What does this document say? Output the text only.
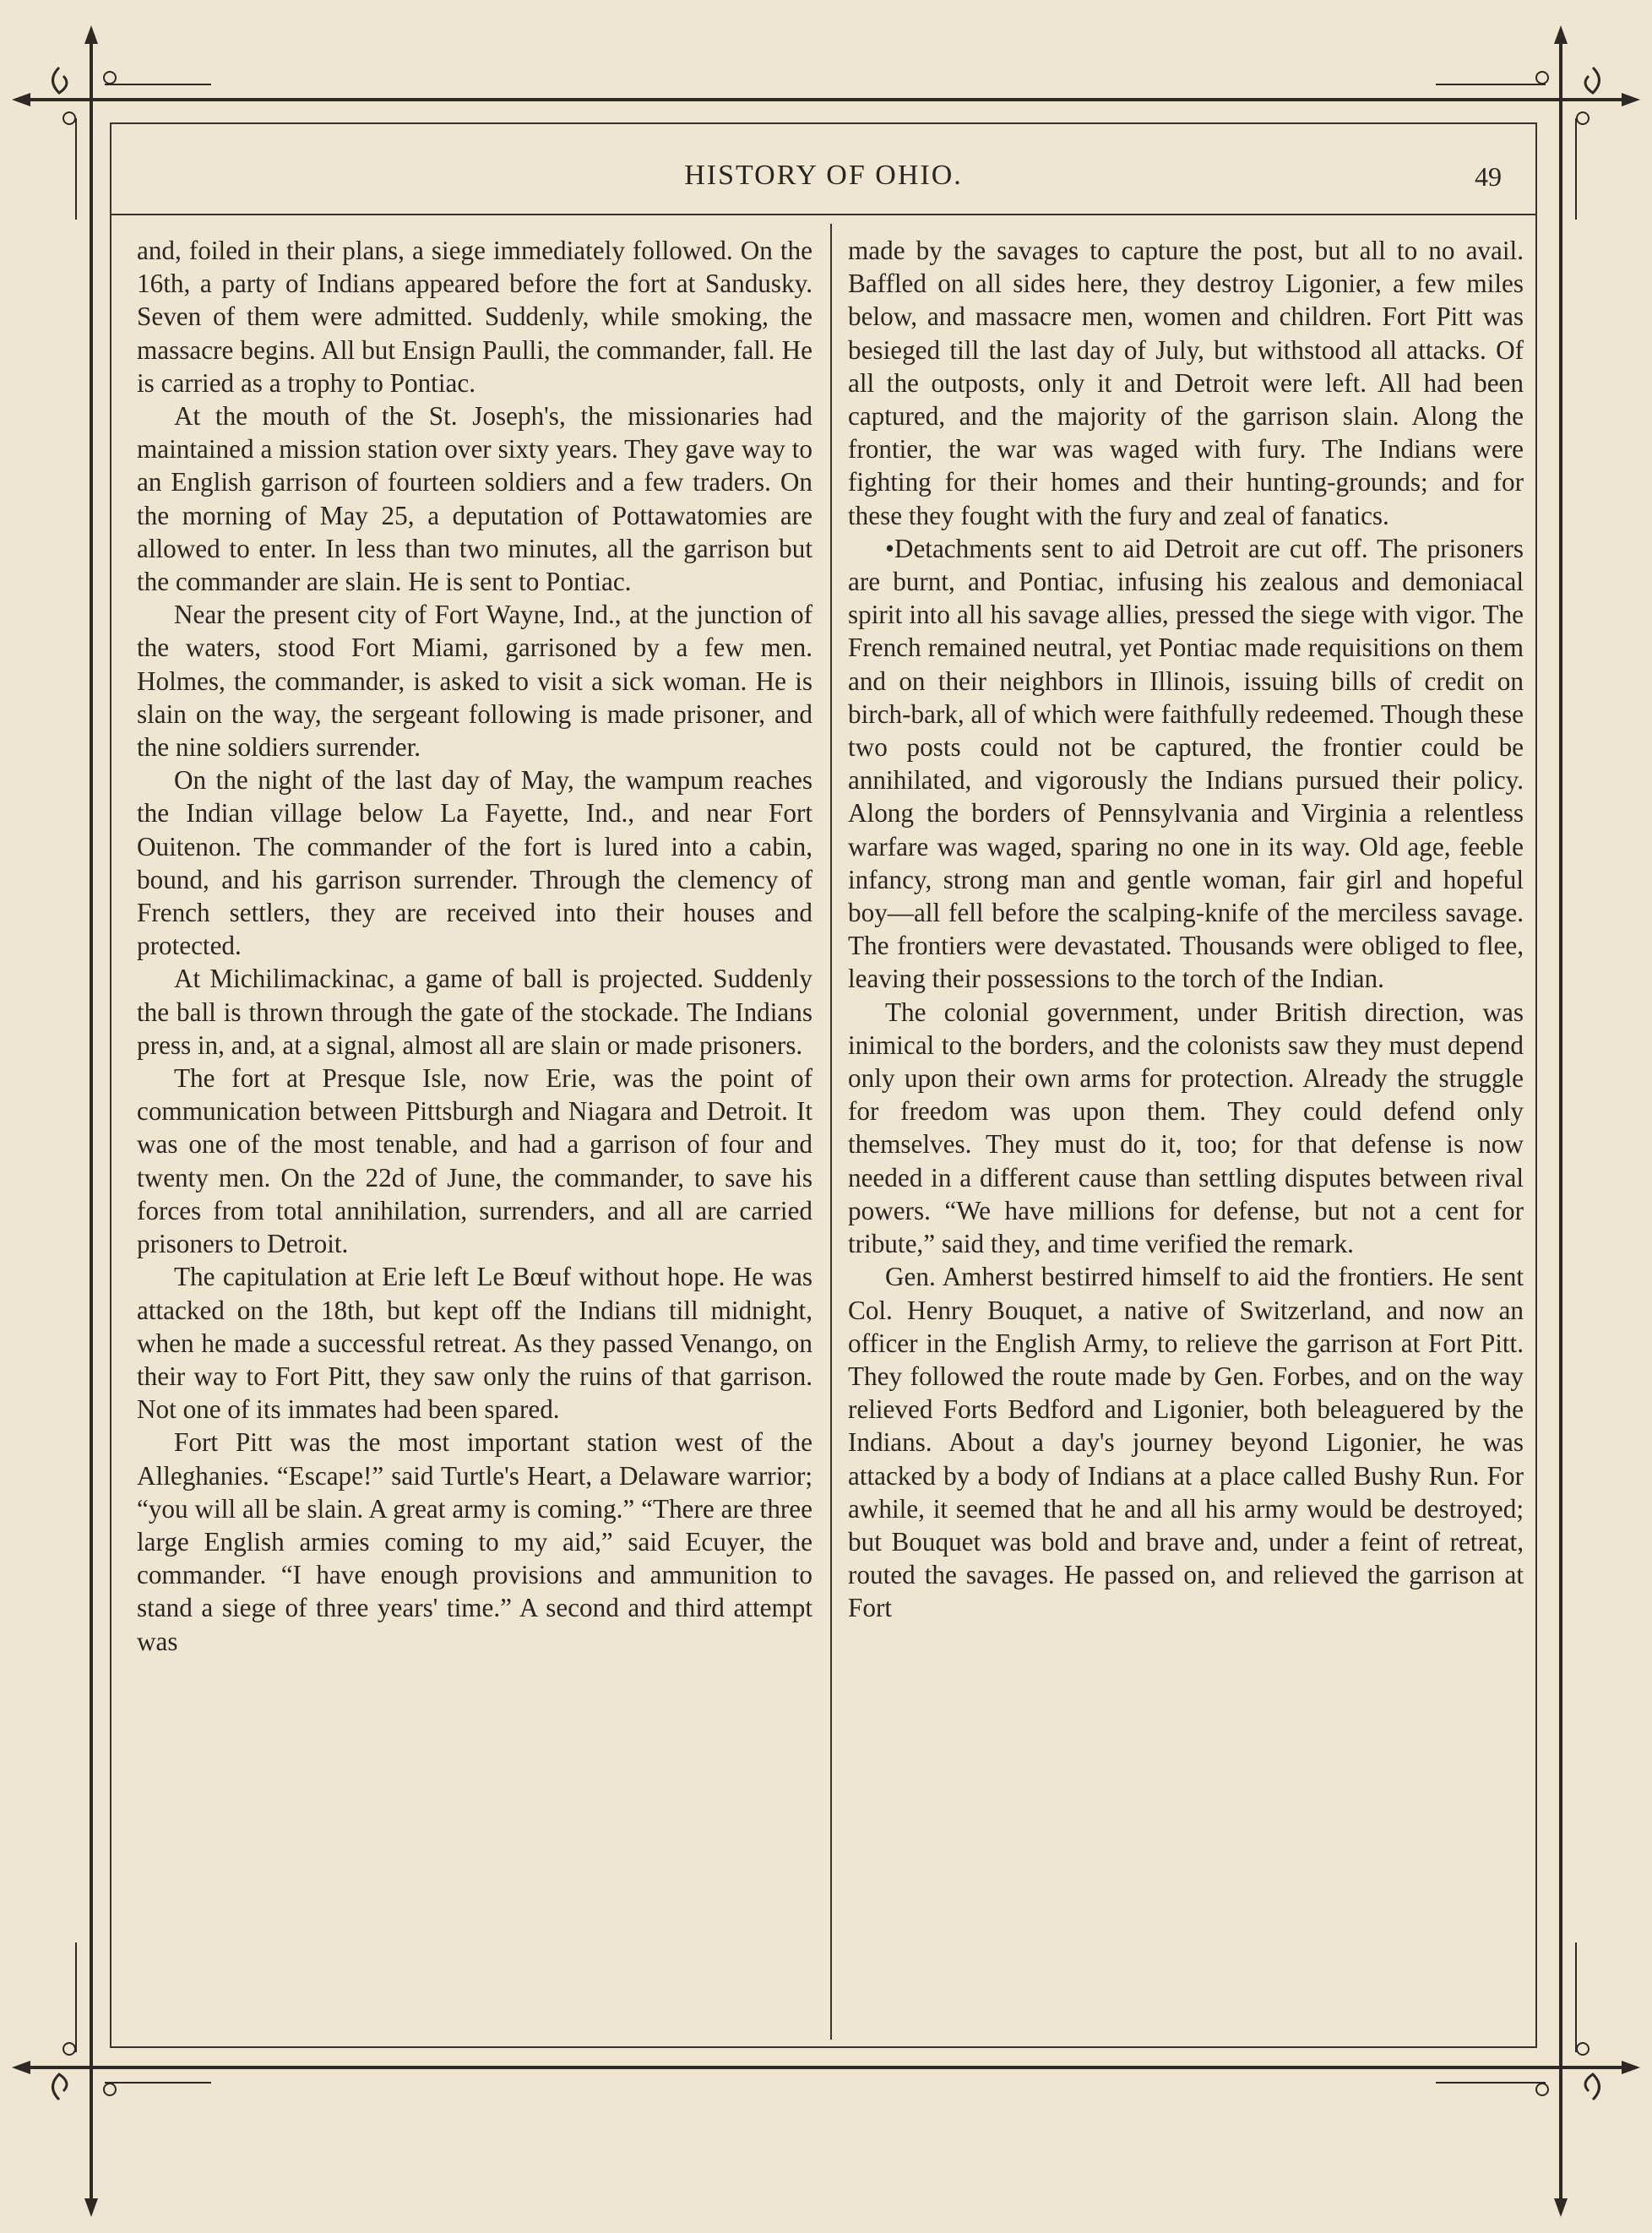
HISTORY OF OHIO.	49

and, foiled in their plans, a siege immediately followed. On the 16th, a party of Indians appeared before the fort at Sandusky. Seven of them were admitted. Suddenly, while smoking, the massacre begins. All but Ensign Paulli, the commander, fall. He is carried as a trophy to Pontiac.

At the mouth of the St. Joseph's, the missionaries had maintained a mission station over sixty years. They gave way to an English garrison of fourteen soldiers and a few traders. On the morning of May 25, a deputation of Pottawatomies are allowed to enter. In less than two minutes, all the garrison but the commander are slain. He is sent to Pontiac.

Near the present city of Fort Wayne, Ind., at the junction of the waters, stood Fort Miami, garrisoned by a few men. Holmes, the commander, is asked to visit a sick woman. He is slain on the way, the sergeant following is made prisoner, and the nine soldiers surrender.

On the night of the last day of May, the wampum reaches the Indian village below La Fayette, Ind., and near Fort Ouitenon. The commander of the fort is lured into a cabin, bound, and his garrison surrender. Through the clemency of French settlers, they are received into their houses and protected.

At Michilimackinac, a game of ball is projected. Suddenly the ball is thrown through the gate of the stockade. The Indians press in, and, at a signal, almost all are slain or made prisoners.

The fort at Presque Isle, now Erie, was the point of communication between Pittsburgh and Niagara and Detroit. It was one of the most tenable, and had a garrison of four and twenty men. On the 22d of June, the commander, to save his forces from total annihilation, surrenders, and all are carried prisoners to Detroit.

The capitulation at Erie left Le Bœuf without hope. He was attacked on the 18th, but kept off the Indians till midnight, when he made a successful retreat. As they passed Venango, on their way to Fort Pitt, they saw only the ruins of that garrison. Not one of its immates had been spared.

Fort Pitt was the most important station west of the Alleghanies. “Escape!” said Turtle's Heart, a Delaware warrior; “you will all be slain. A great army is coming.” “There are three large English armies coming to my aid,” said Ecuyer, the commander. “I have enough provisions and ammunition to stand a siege of three years' time.” A second and third attempt was

made by the savages to capture the post, but all to no avail. Baffled on all sides here, they destroy Ligonier, a few miles below, and massacre men, women and children. Fort Pitt was besieged till the last day of July, but withstood all attacks. Of all the outposts, only it and Detroit were left. All had been captured, and the majority of the garrison slain. Along the frontier, the war was waged with fury. The Indians were fighting for their homes and their hunting-grounds; and for these they fought with the fury and zeal of fanatics.

•Detachments sent to aid Detroit are cut off. The prisoners are burnt, and Pontiac, infusing his zealous and demoniacal spirit into all his savage allies, pressed the siege with vigor. The French remained neutral, yet Pontiac made requisitions on them and on their neighbors in Illinois, issuing bills of credit on birch-bark, all of which were faithfully redeemed. Though these two posts could not be captured, the frontier could be annihilated, and vigorously the Indians pursued their policy. Along the borders of Pennsylvania and Virginia a relentless warfare was waged, sparing no one in its way. Old age, feeble infancy, strong man and gentle woman, fair girl and hopeful boy—all fell before the scalping-knife of the merciless savage. The frontiers were devastated. Thousands were obliged to flee, leaving their possessions to the torch of the Indian.

The colonial government, under British direction, was inimical to the borders, and the colonists saw they must depend only upon their own arms for protection. Already the struggle for freedom was upon them. They could defend only themselves. They must do it, too; for that defense is now needed in a different cause than settling disputes between rival powers. “We have millions for defense, but not a cent for tribute,” said they, and time verified the remark.

Gen. Amherst bestirred himself to aid the frontiers. He sent Col. Henry Bouquet, a native of Switzerland, and now an officer in the English Army, to relieve the garrison at Fort Pitt. They followed the route made by Gen. Forbes, and on the way relieved Forts Bedford and Ligonier, both beleaguered by the Indians. About a day's journey beyond Ligonier, he was attacked by a body of Indians at a place called Bushy Run. For awhile, it seemed that he and all his army would be destroyed; but Bouquet was bold and brave and, under a feint of retreat, routed the savages. He passed on, and relieved the garrison at Fort
